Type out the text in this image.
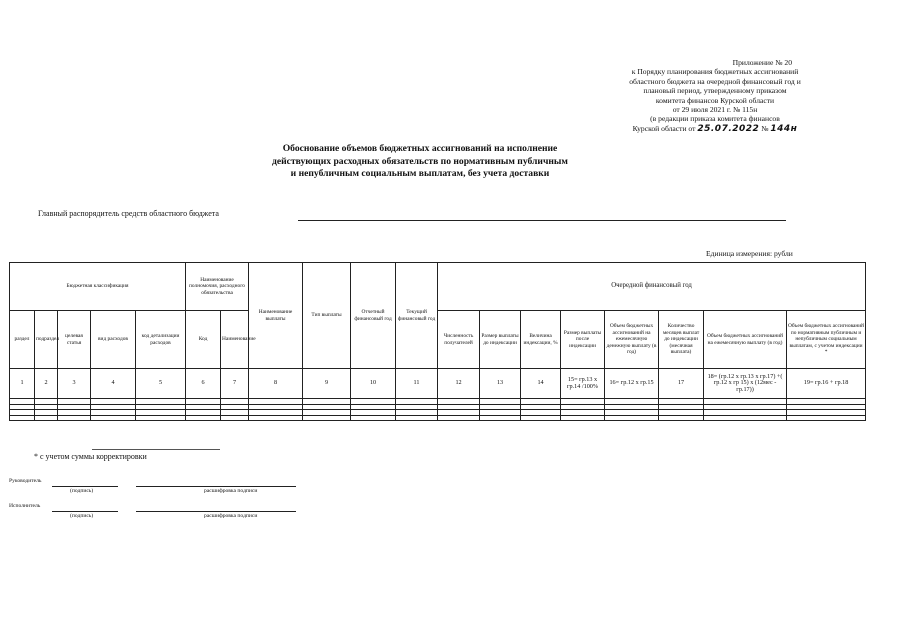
Приложение № 20
к Порядку планирования бюджетных ассигнований
областного бюджета на очередной финансовый год и
плановый период, утвержденному приказом
комитета финансов Курской области
от 29 июля 2021 г. № 115н
(в редакции приказа комитета финансов
Курской области от 25.07.2022 № 144н
Обоснование объемов бюджетных ассигнований на исполнение
действующих расходных обязательств по нормативным публичным
и непубличным социальным выплатам, без учета доставки
Главный распорядитель средств областного бюджета
Единица измерения: рубли
Бюджетная классификация					Наименование полномочия, расходного обязательства		Наименование выплаты	Тип выплаты	Отчетный финансовый год	Текущий финансовый год	Очередной финансовый год							
раздел	подраздел	целевая статья	вид расходов	код детализации расходов	Код	Наименование					Численность получателей	Размер выплаты до индексации	Величина индексации, %	Размер выплаты после индексации	Объем бюджетных ассигнований на ежемесячную денежную выплату (в год)	Количество месяцев выплат до индексации (месячная выплата)	Объем бюджетных ассигнований на ежемесячную выплату (в год)	Объем бюджетных ассигнований по нормативным публичным и непубличным социальным выплатам, с учетом индексации *
1	2	3	4	5	6	7	8	9	10	11	12	13	14	15= гр.13 х гр.14 /100%	16= гр.12 х гр.15	17	18= (гр.12 х гр.13 х гр.17) +( гр.12 х гр 15) х (12мес - гр.17))	19= гр.16 + гр.18

* с учетом суммы корректировки
Руководитель
(подпись)	расшифровка подписи
Исполнитель
(подпись)	расшифровка подписи
